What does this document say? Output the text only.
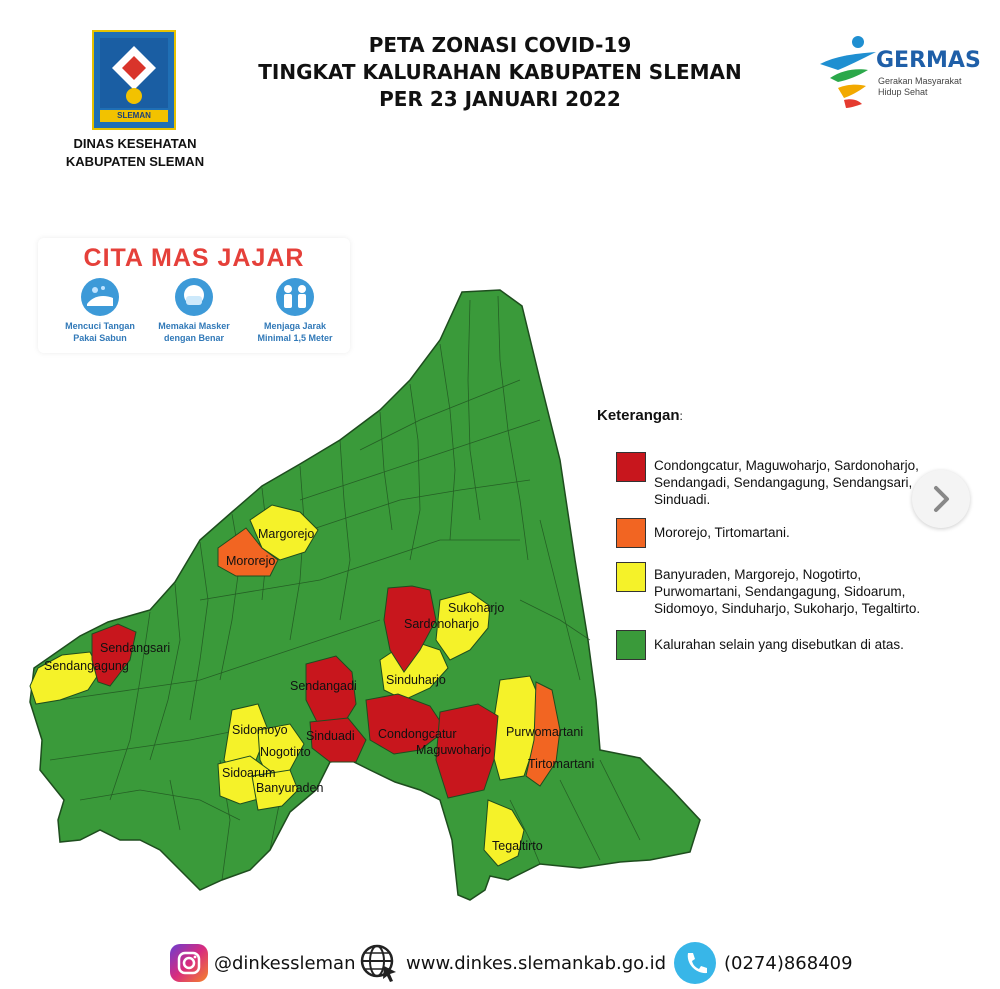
SLEMAN
DINAS KESEHATAN
KABUPATEN SLEMAN
PETA ZONASI COVID-19
TINGKAT KALURAHAN KABUPATEN SLEMAN
PER 23 JANUARI 2022
GERMAS
Gerakan Masyarakat
Hidup Sehat
CITA MAS JAJAR
Mencuci Tangan
Pakai Sabun
Memakai Masker
dengan Benar
Menjaga Jarak
Minimal 1,5 Meter
Margorejo
Mororejo
Sendangsari
Sendangagung
Sukoharjo
Sardonoharjo
Sendangadi Sinduharjo
Sidomoyo
Nogotirto
Sidoarum
Banyuraden
Sinduadi Condongcatur
Maguwoharjo
Purwomartani
Tirtomartani
Tegaltirto
Keterangan:
Condongcatur, Maguwoharjo, Sardonoharjo,
Sendangadi, Sendangagung, Sendangsari,
Sinduadi.
Mororejo, Tirtomartani.
Banyuraden, Margorejo, Nogotirto,
Purwomartani, Sendangagung, Sidoarum,
Sidomoyo, Sinduharjo, Sukoharjo, Tegaltirto.
Kalurahan selain yang disebutkan di atas.
@dinkessleman	www.dinkes.slemankab.go.id	(0274)868409
